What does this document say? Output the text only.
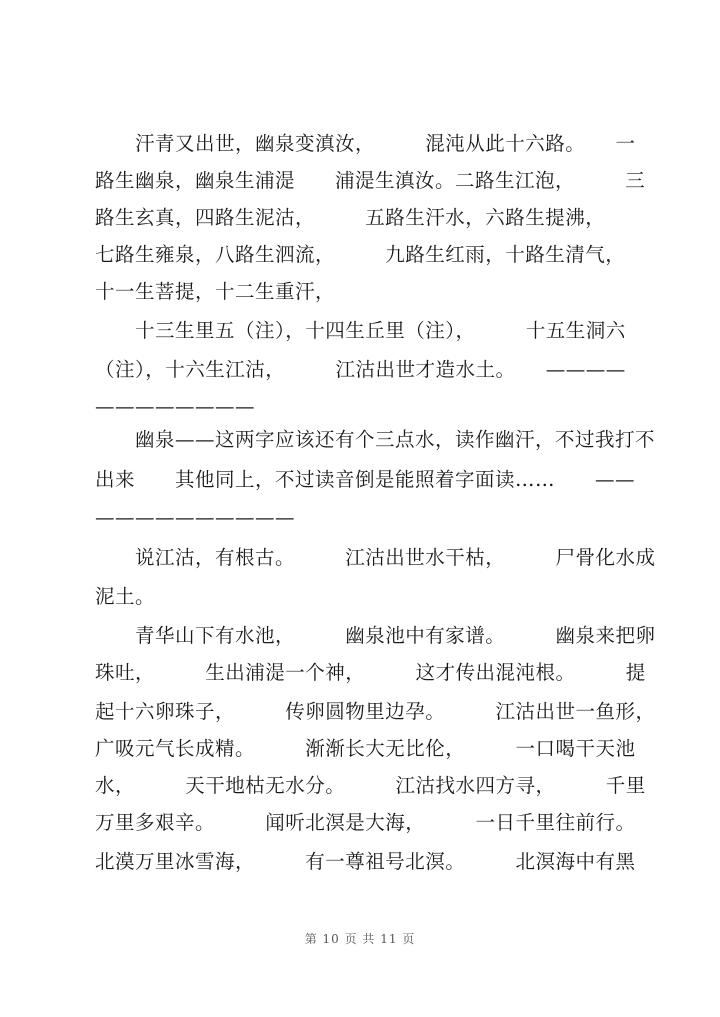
　　汗青又出世，幽泉变滇汝，　　　混沌从此十六路。　　一
路生幽泉，幽泉生浦湜　　浦湜生滇汝。二路生江泡，　　　三
路生玄真，四路生泥沽，　　　五路生汗水，六路生提沸，
七路生雍泉，八路生泗流，　　　九路生红雨，十路生清气，
十一生菩提，十二生重汗，
　　十三生里五（注），十四生丘里（注），　　　十五生洞六
（注），十六生江沽，　　　江沽出世才造水土。　　————
————————
　　幽泉——这两字应该还有个三点水，读作幽汗，不过我打不
出来　　其他同上，不过读音倒是能照着字面读……　　——
——————————
　　说江沽，有根古。　　　江沽出世水干枯，　　　尸骨化水成
泥土。
　　青华山下有水池，　　　幽泉池中有家谱。　　　幽泉来把卵
珠吐，　　　生出浦湜一个神，　　　这才传出混沌根。　　　提
起十六卵珠子，　　　传卵圆物里边孕。　　　江沽出世一鱼形，
广吸元气长成精。　　　渐渐长大无比伦，　　　一口喝干天池
水，　　　天干地枯无水分。　　　江沽找水四方寻，　　　千里
万里多艰辛。　　　闻听北溟是大海，　　　一日千里往前行。
北漠万里冰雪海，　　　有一尊祖号北溟。　　　北溟海中有黑
第 10 页 共 11 页
